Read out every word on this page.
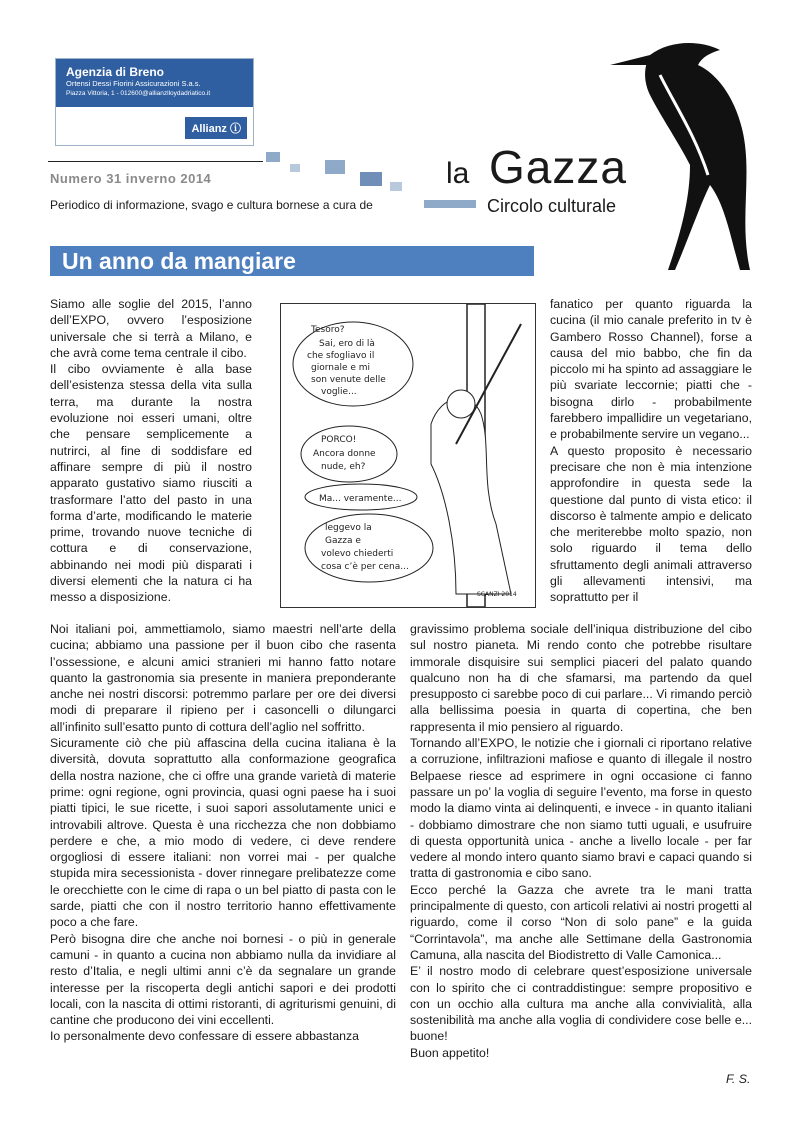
Agenzia di Breno
Ortensi Dessi Fiorini Assicurazioni S.a.s.
Piazza Vittoria, 1 - 012600@allianzlloydadriatico.it
Allianz ⓘ
Numero 31 inverno 2014
Periodico di informazione, svago e cultura bornese a cura de
la Gazza
Circolo culturale
Un anno da mangiare

Siamo alle soglie del 2015, l’anno dell’EXPO, ovvero l’esposizione universale che si terrà a Milano, e che avrà come tema centrale il cibo.

Il cibo ovviamente è alla base dell’esistenza stessa della vita sulla terra, ma durante la nostra evoluzione noi esseri umani, oltre che pensare semplicemente a nutrirci, al fine di soddisfare ed affinare sempre di più il nostro apparato gustativo siamo riusciti a trasformare l’atto del pasto in una forma d’arte, modificando le materie prime, trovando nuove tecniche di cottura e di conservazione, abbinando nei modi più disparati i diversi elementi che la natura ci ha messo a disposizione.

Tesoro?
Sai, ero di là
che sfogliavo il
giornale e mi
son venute delle
voglie...
PORCO!
Ancora donne
nude, eh?
Ma... veramente...
leggevo la
Gazza e
volevo chiederti
cosa c’è per cena...
SCANZI 2014

fanatico per quanto riguarda la cucina (il mio canale preferito in tv è Gambero Rosso Channel), forse a causa del mio babbo, che fin da piccolo mi ha spinto ad assaggiare le più svariate leccornie; piatti che - bisogna dirlo - probabilmente farebbero impallidire un vegetariano, e probabilmente servire un vegano...

A questo proposito è necessario precisare che non è mia intenzione approfondire in questa sede la questione dal punto di vista etico: il discorso è talmente ampio e delicato che meriterebbe molto spazio, non solo riguardo il tema dello sfruttamento degli animali attraverso gli allevamenti intensivi, ma soprattutto per il

Noi italiani poi, ammettiamolo, siamo maestri nell’arte della cucina; abbiamo una passione per il buon cibo che rasenta l’ossessione, e alcuni amici stranieri mi hanno fatto notare quanto la gastronomia sia presente in maniera preponderante anche nei nostri discorsi: potremmo parlare per ore dei diversi modi di preparare il ripieno per i casoncelli o dilungarci all’infinito sull’esatto punto di cottura dell’aglio nel soffritto.

Sicuramente ciò che più affascina della cucina italiana è la diversità, dovuta soprattutto alla conformazione geografica della nostra nazione, che ci offre una grande varietà di materie prime: ogni regione, ogni provincia, quasi ogni paese ha i suoi piatti tipici, le sue ricette, i suoi sapori assolutamente unici e introvabili altrove. Questa è una ricchezza che non dobbiamo perdere e che, a mio modo di vedere, ci deve rendere orgogliosi di essere italiani: non vorrei mai - per qualche stupida mira secessionista - dover rinnegare prelibatezze come le orecchiette con le cime di rapa o un bel piatto di pasta con le sarde, piatti che con il nostro territorio hanno effettivamente poco a che fare.

Però bisogna dire che anche noi bornesi - o più in generale camuni - in quanto a cucina non abbiamo nulla da invidiare al resto d’Italia, e negli ultimi anni c’è da segnalare un grande interesse per la riscoperta degli antichi sapori e dei prodotti locali, con la nascita di ottimi ristoranti, di agriturismi genuini, di cantine che producono dei vini eccellenti.

Io personalmente devo confessare di essere abbastanza

gravissimo problema sociale dell’iniqua distribuzione del cibo sul nostro pianeta. Mi rendo conto che potrebbe risultare immorale disquisire sui semplici piaceri del palato quando qualcuno non ha di che sfamarsi, ma partendo da quel presupposto ci sarebbe poco di cui parlare... Vi rimando perciò alla bellissima poesia in quarta di copertina, che ben rappresenta il mio pensiero al riguardo.

Tornando all’EXPO, le notizie che i giornali ci riportano relative a corruzione, infiltrazioni mafiose e quanto di illegale il nostro Belpaese riesce ad esprimere in ogni occasione ci fanno passare un po’ la voglia di seguire l’evento, ma forse in questo modo la diamo vinta ai delinquenti, e invece - in quanto italiani - dobbiamo dimostrare che non siamo tutti uguali, e usufruire di questa opportunità unica - anche a livello locale - per far vedere al mondo intero quanto siamo bravi e capaci quando si tratta di gastronomia e cibo sano.

Ecco perché la Gazza che avrete tra le mani tratta principalmente di questo, con articoli relativi ai nostri progetti al riguardo, come il corso “Non di solo pane” e la guida “Corrintavola”, ma anche alle Settimane della Gastronomia Camuna, alla nascita del Biodistretto di Valle Camonica...

E’ il nostro modo di celebrare quest’esposizione universale con lo spirito che ci contraddistingue: sempre propositivo e con un occhio alla cultura ma anche alla convivialità, alla sostenibilità ma anche alla voglia di condividere cose belle e... buone!

Buon appetito!

F. S.
